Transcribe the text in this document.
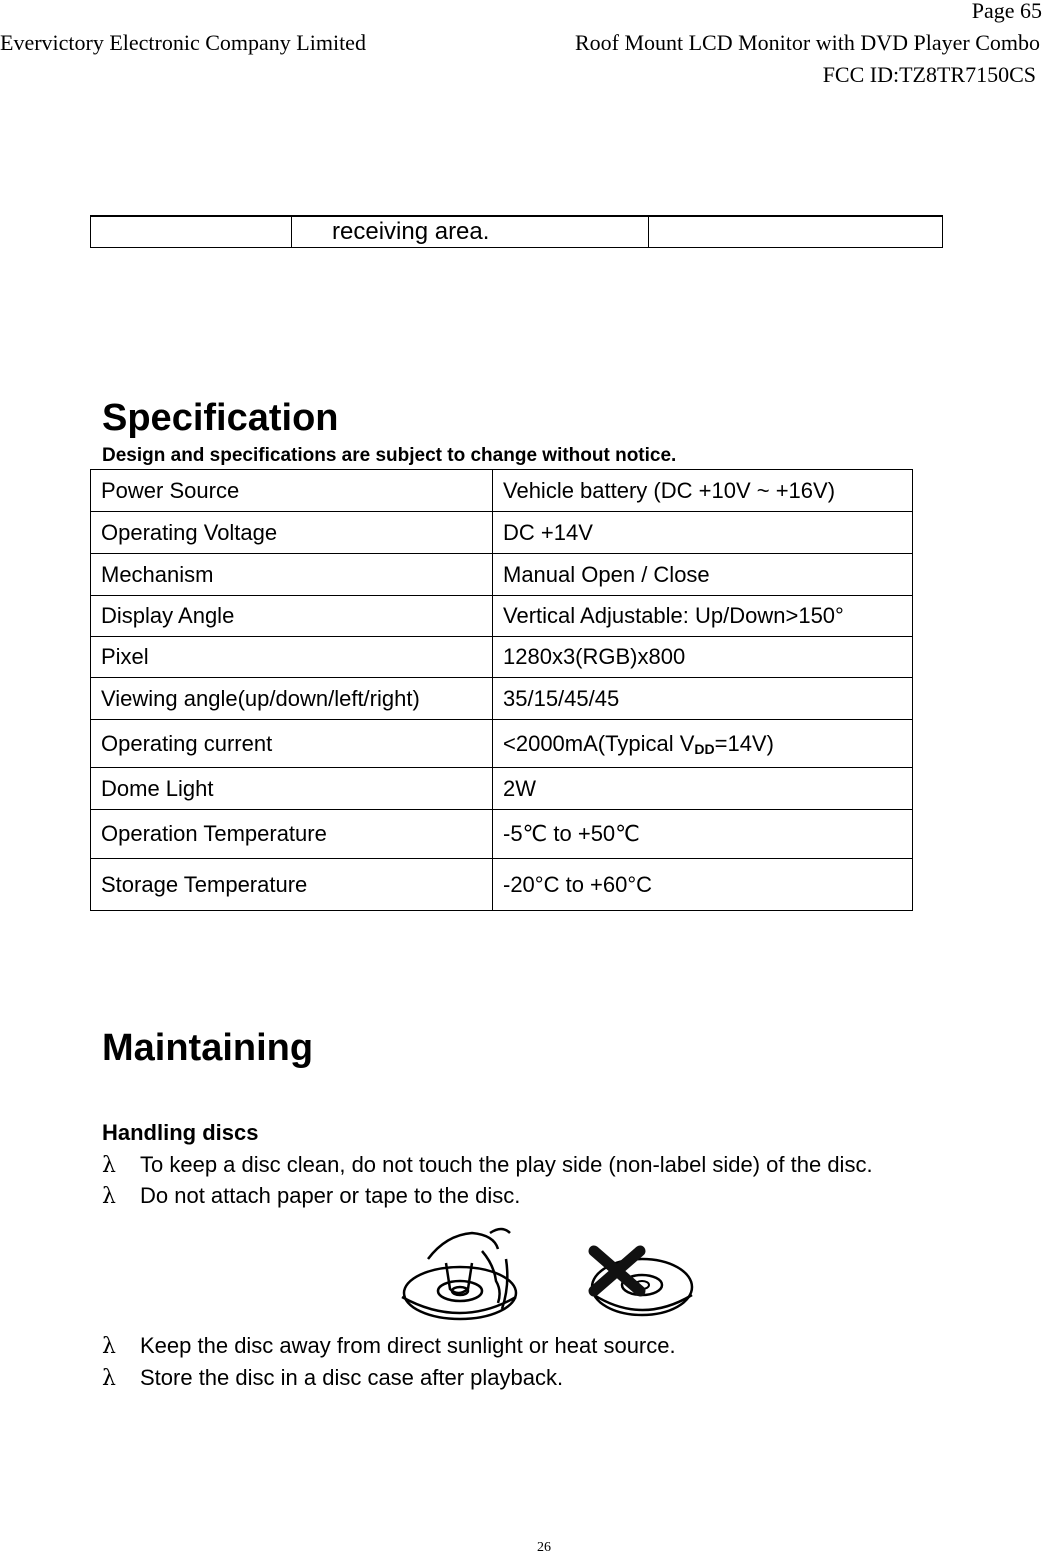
Page 65
Evervictory Electronic Company Limited	Roof Mount LCD Monitor with DVD Player Combo
FCC ID:TZ8TR7150CS
	receiving area.	
Specification

Design and specifications are subject to change without notice.

Power Source	Vehicle battery (DC +10V ~ +16V)
Operating Voltage	DC +14V
Mechanism	Manual Open / Close
Display Angle	Vertical Adjustable: Up/Down>150°
Pixel	1280x3(RGB)x800
Viewing angle(up/down/left/right)	35/15/45/45
Operating current	<2000mA(Typical $V_{DD}=14V$)
Dome Light	2W
Operation Temperature	-5℃ to +50℃
Storage Temperature	-20°C to +60°C
Maintaining
Handling discs
λ To keep a disc clean, do not touch the play side (non-label side) of the disc.
λ Do not attach paper or tape to the disc.
λ Keep the disc away from direct sunlight or heat source.
λ Store the disc in a disc case after playback.
26
